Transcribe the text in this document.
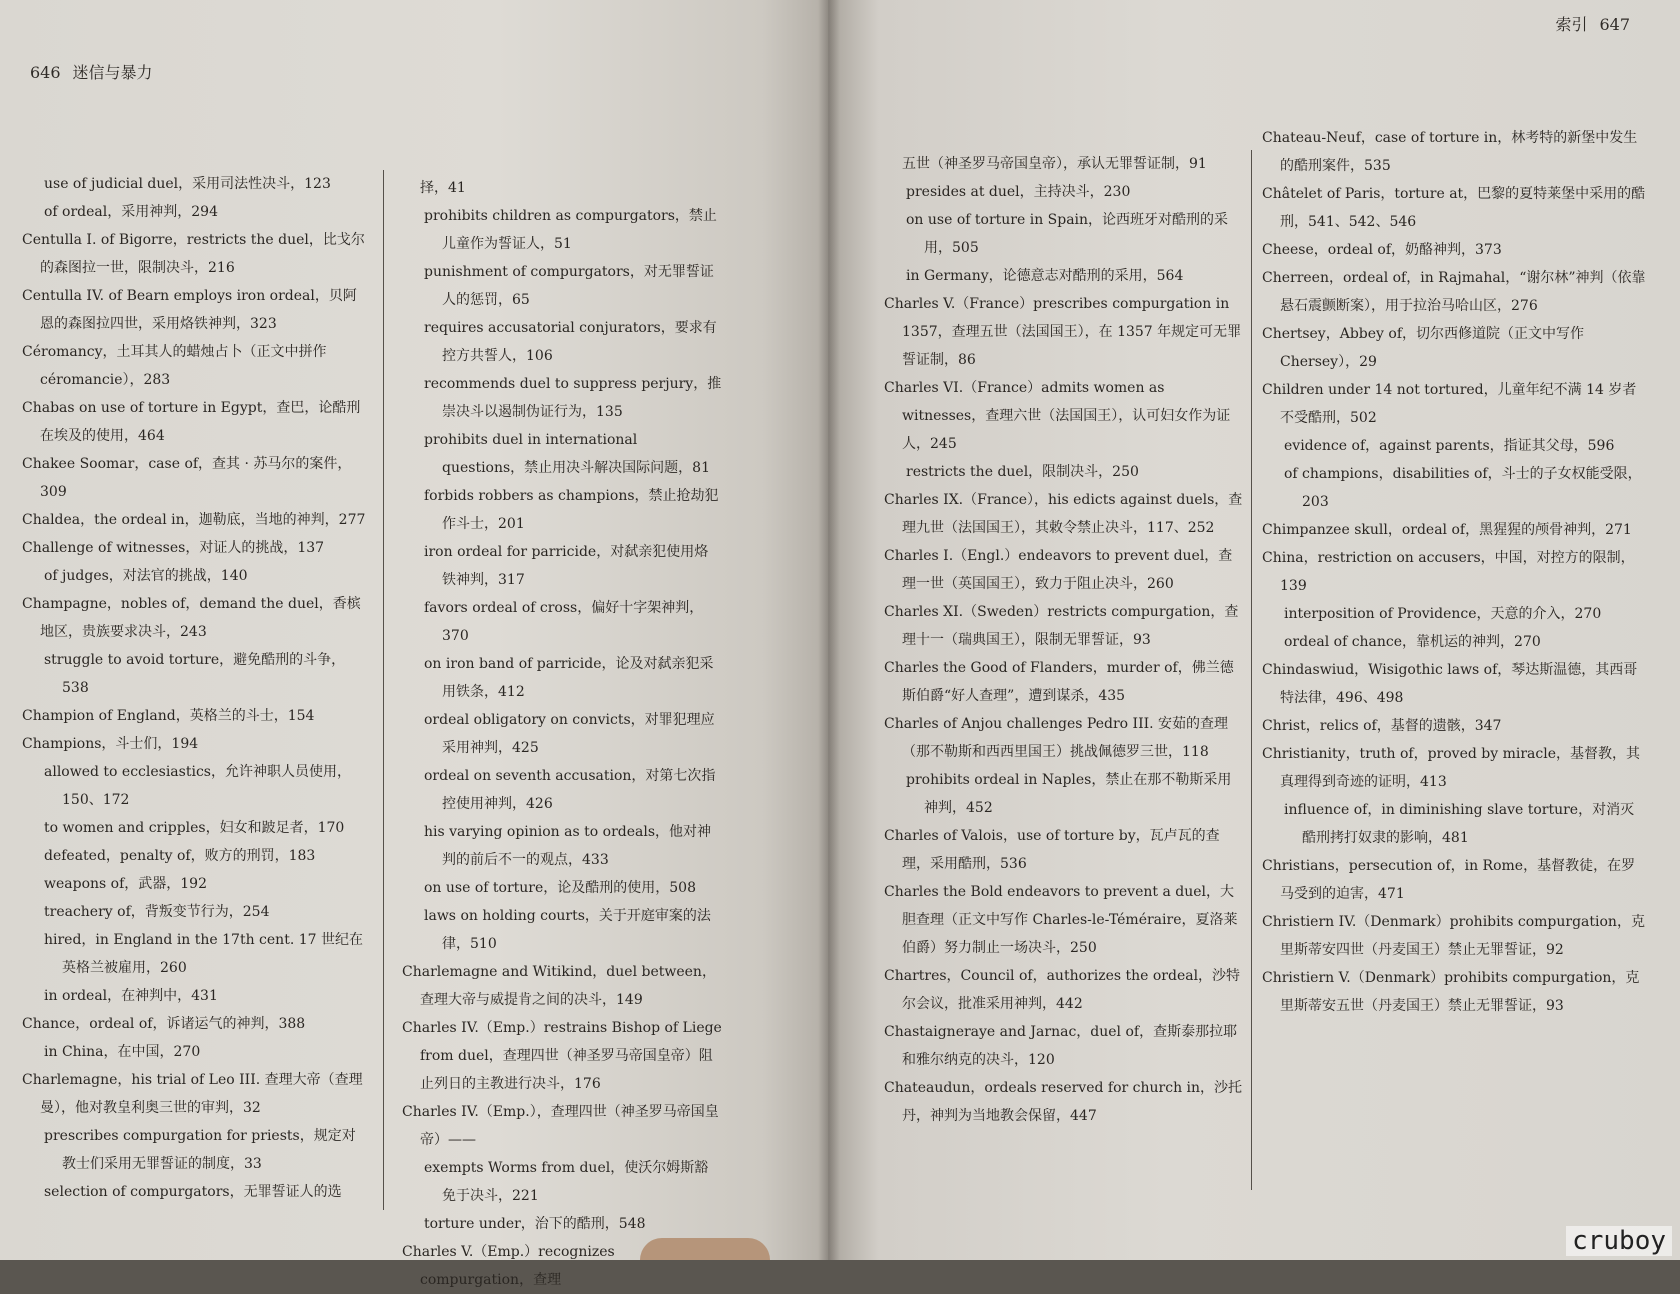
646 迷信与暴力

use of judicial duel，采用司法性决斗，123

of ordeal，采用神判，294

Centulla I. of Bigorre，restricts the duel，比戈尔的森图拉一世，限制决斗，216

Centulla IV. of Bearn employs iron ordeal，贝阿恩的森图拉四世，采用烙铁神判，323

Céromancy，土耳其人的蜡烛占卜（正文中拼作 céromancie），283

Chabas on use of torture in Egypt，查巴，论酷刑在埃及的使用，464

Chakee Soomar，case of，查其 · 苏马尔的案件，309

Chaldea，the ordeal in，迦勒底，当地的神判，277

Challenge of witnesses，对证人的挑战，137

of judges，对法官的挑战，140

Champagne，nobles of，demand the duel，香槟地区，贵族要求决斗，243

struggle to avoid torture，避免酷刑的斗争，538

Champion of England，英格兰的斗士，154

Champions，斗士们，194

allowed to ecclesiastics，允许神职人员使用，150、172

to women and cripples，妇女和跛足者，170

defeated，penalty of，败方的刑罚，183

weapons of，武器，192

treachery of，背叛变节行为，254

hired，in England in the 17th cent. 17 世纪在英格兰被雇用，260

in ordeal，在神判中，431

Chance，ordeal of，诉诸运气的神判，388

in China，在中国，270

Charlemagne，his trial of Leo III. 查理大帝（查理曼），他对教皇利奥三世的审判，32

prescribes compurgation for priests，规定对教士们采用无罪誓证的制度，33

selection of compurgators，无罪誓证人的选

择，41

prohibits children as compurgators，禁止儿童作为誓证人，51

punishment of compurgators，对无罪誓证人的惩罚，65

requires accusatorial conjurators，要求有控方共誓人，106

recommends duel to suppress perjury，推崇决斗以遏制伪证行为，135

prohibits duel in international questions，禁止用决斗解决国际问题，81

forbids robbers as champions，禁止抢劫犯作斗士，201

iron ordeal for parricide，对弑亲犯使用烙铁神判，317

favors ordeal of cross，偏好十字架神判，370

on iron band of parricide，论及对弑亲犯采用铁条，412

ordeal obligatory on convicts，对罪犯理应采用神判，425

ordeal on seventh accusation，对第七次指控使用神判，426

his varying opinion as to ordeals，他对神判的前后不一的观点，433

on use of torture，论及酷刑的使用，508

laws on holding courts，关于开庭审案的法律，510

Charlemagne and Witikind，duel between，查理大帝与威提肯之间的决斗，149

Charles IV.（Emp.）restrains Bishop of Liege from duel，查理四世（神圣罗马帝国皇帝）阻止列日的主教进行决斗，176

Charles IV.（Emp.），查理四世（神圣罗马帝国皇帝）——

exempts Worms from duel，使沃尔姆斯豁免于决斗，221

torture under，治下的酷刑，548

Charles V.（Emp.）recognizes compurgation，查理

索引 647

五世（神圣罗马帝国皇帝），承认无罪誓证制，91

presides at duel，主持决斗，230

on use of torture in Spain，论西班牙对酷刑的采用，505

in Germany，论德意志对酷刑的采用，564

Charles V.（France）prescribes compurgation in 1357，查理五世（法国国王），在 1357 年规定可无罪誓证制，86

Charles VI.（France）admits women as witnesses，查理六世（法国国王），认可妇女作为证人，245

restricts the duel，限制决斗，250

Charles IX.（France），his edicts against duels，查理九世（法国国王），其敕令禁止决斗，117、252

Charles I.（Engl.）endeavors to prevent duel，查理一世（英国国王），致力于阻止决斗，260

Charles XI.（Sweden）restricts compurgation，查理十一（瑞典国王），限制无罪誓证，93

Charles the Good of Flanders，murder of，佛兰德斯伯爵“好人查理”，遭到谋杀，435

Charles of Anjou challenges Pedro III. 安茹的查理（那不勒斯和西西里国王）挑战佩德罗三世，118

prohibits ordeal in Naples，禁止在那不勒斯采用神判，452

Charles of Valois，use of torture by，瓦卢瓦的查理，采用酷刑，536

Charles the Bold endeavors to prevent a duel，大胆查理（正文中写作 Charles-le-Téméraire，夏洛莱伯爵）努力制止一场决斗，250

Chartres，Council of，authorizes the ordeal，沙特尔会议，批准采用神判，442

Chastaigneraye and Jarnac，duel of，查斯泰那拉耶和雅尔纳克的决斗，120

Chateaudun，ordeals reserved for church in，沙托丹，神判为当地教会保留，447

Chateau-Neuf，case of torture in，林考特的新堡中发生的酷刑案件，535

Châtelet of Paris，torture at，巴黎的夏特莱堡中采用的酷刑，541、542、546

Cheese，ordeal of，奶酪神判，373

Cherreen，ordeal of，in Rajmahal，“谢尔林”神判（依靠悬石震颤断案），用于拉治马哈山区，276

Chertsey，Abbey of，切尔西修道院（正文中写作 Chersey），29

Children under 14 not tortured，儿童年纪不满 14 岁者不受酷刑，502

evidence of，against parents，指证其父母，596

of champions，disabilities of，斗士的子女权能受限，203

Chimpanzee skull，ordeal of，黑猩猩的颅骨神判，271

China，restriction on accusers，中国，对控方的限制，139

interposition of Providence，天意的介入，270

ordeal of chance，靠机运的神判，270

Chindaswiud，Wisigothic laws of，琴达斯温德，其西哥特法律，496、498

Christ，relics of，基督的遗骸，347

Christianity，truth of，proved by miracle，基督教，其真理得到奇迹的证明，413

influence of，in diminishing slave torture，对消灭酷刑拷打奴隶的影响，481

Christians，persecution of，in Rome，基督教徒，在罗马受到的迫害，471

Christiern IV.（Denmark）prohibits compurgation，克里斯蒂安四世（丹麦国王）禁止无罪誓证，92

Christiern V.（Denmark）prohibits compurgation，克里斯蒂安五世（丹麦国王）禁止无罪誓证，93

cruboy
